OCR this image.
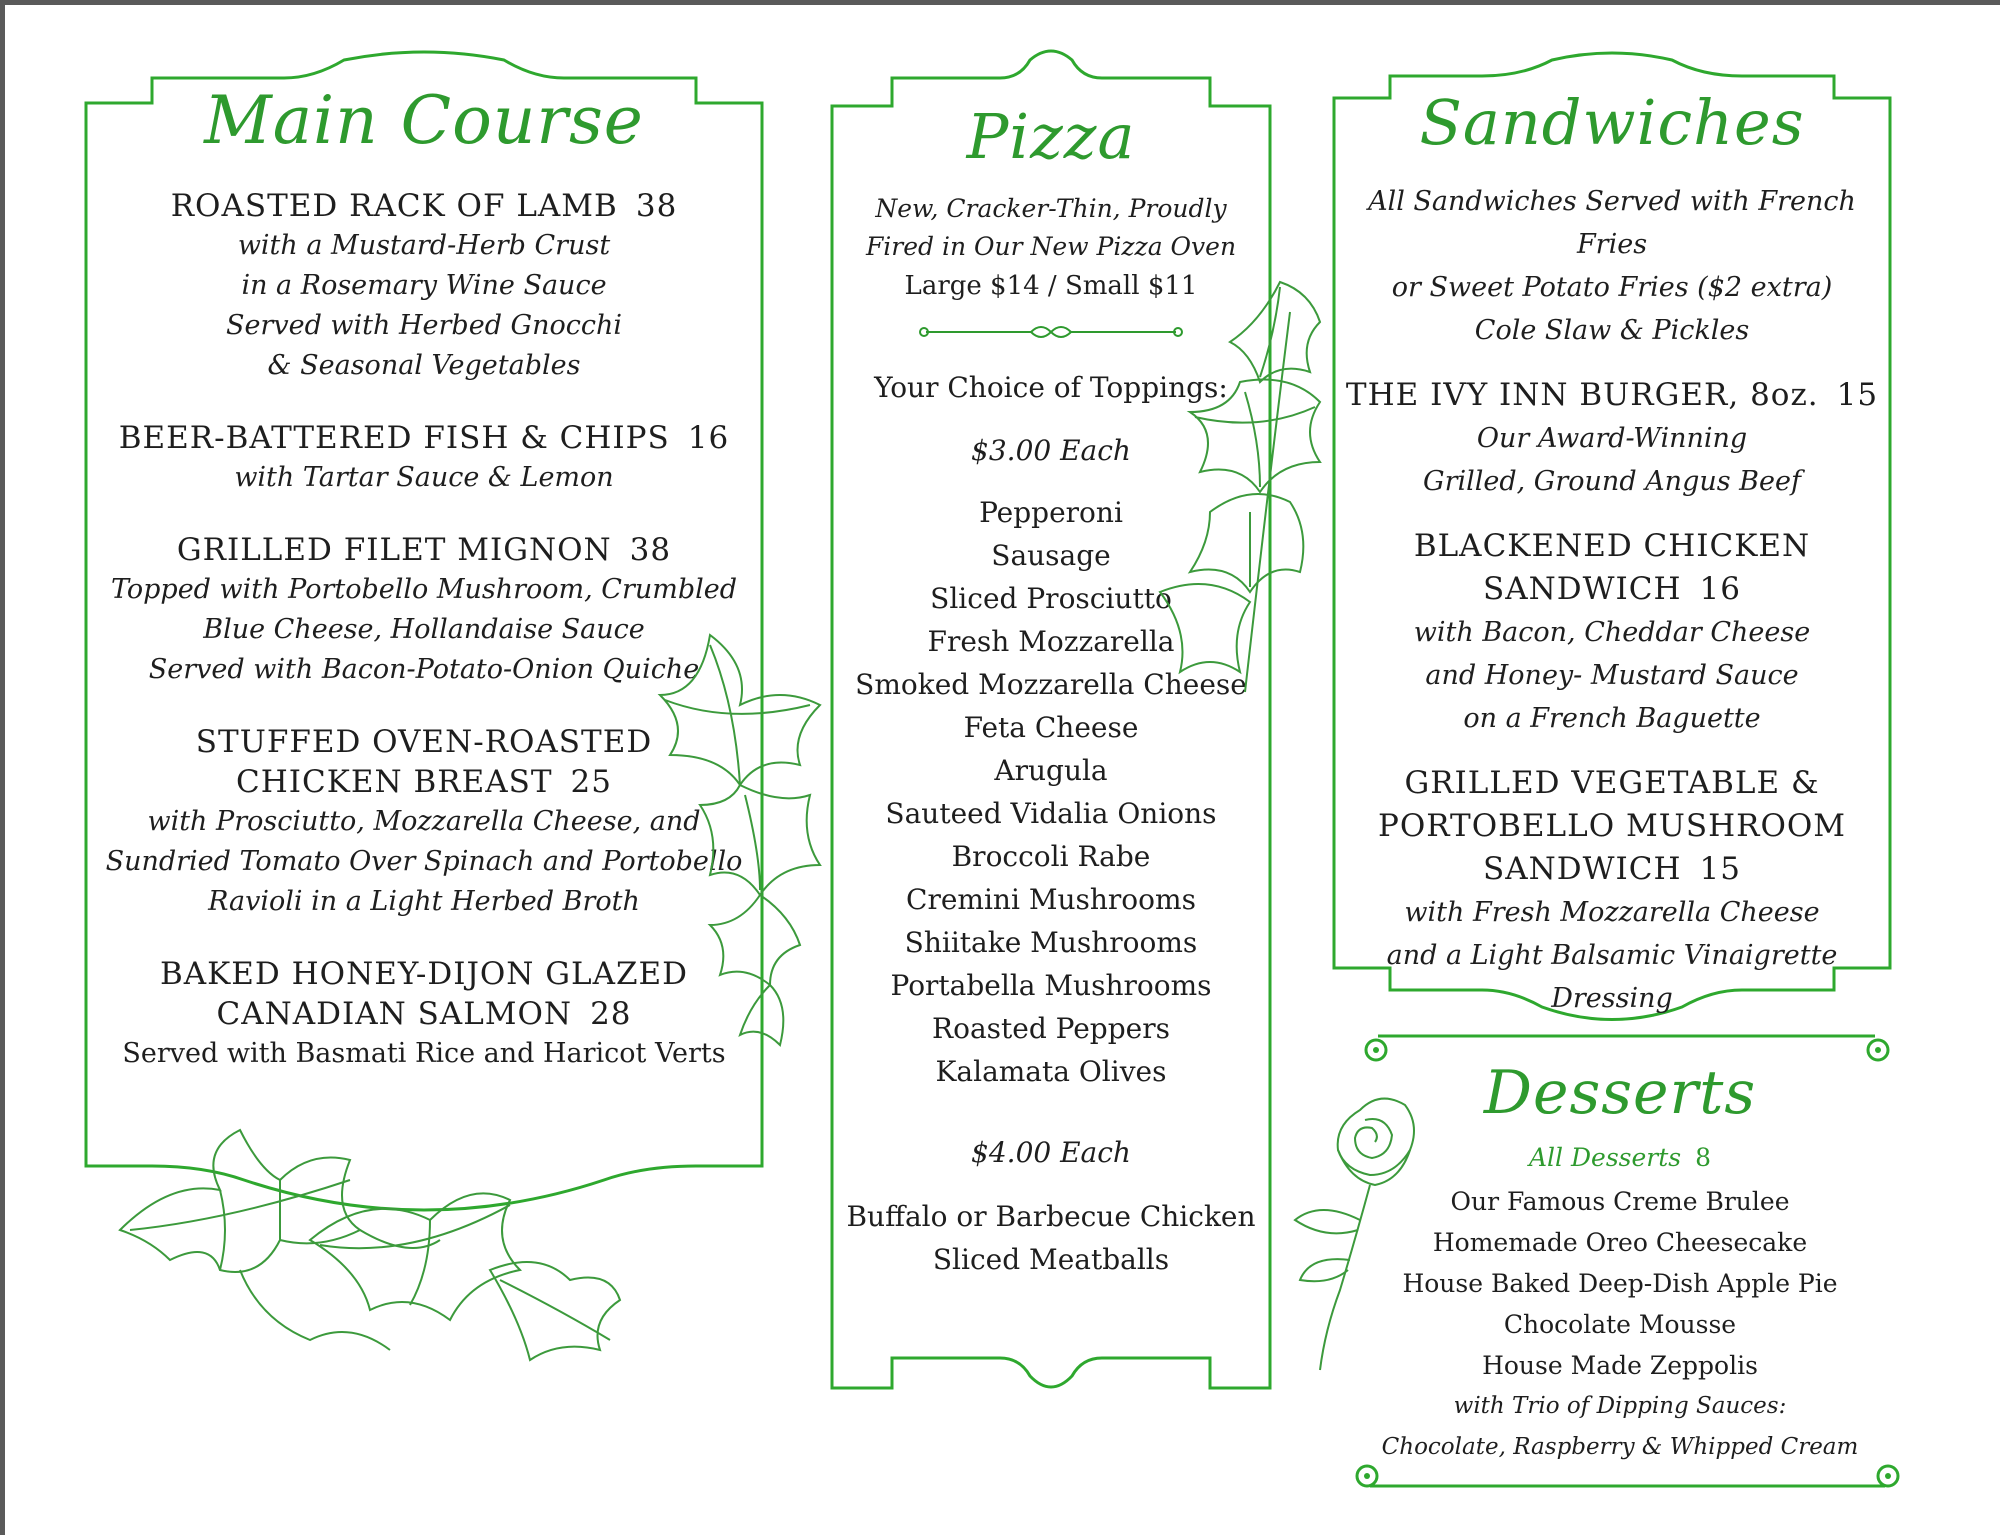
Main Course
ROASTED RACK OF LAMB 38
with a Mustard-Herb Crust
in a Rosemary Wine Sauce
Served with Herbed Gnocchi
& Seasonal Vegetables
BEER-BATTERED FISH & CHIPS 16
with Tartar Sauce & Lemon
GRILLED FILET MIGNON 38
Topped with Portobello Mushroom, Crumbled
Blue Cheese, Hollandaise Sauce
Served with Bacon-Potato-Onion Quiche
STUFFED OVEN-ROASTED
CHICKEN BREAST 25
with Prosciutto, Mozzarella Cheese, and
Sundried Tomato Over Spinach and Portobello
Ravioli in a Light Herbed Broth
BAKED HONEY-DIJON GLAZED
CANADIAN SALMON 28
Served with Basmati Rice and Haricot Verts
Pizza
New, Cracker-Thin, Proudly
Fired in Our New Pizza Oven
Large $14 / Small $11
Your Choice of Toppings:
$3.00 Each
Pepperoni
Sausage
Sliced Prosciutto
Fresh Mozzarella
Smoked Mozzarella Cheese
Feta Cheese
Arugula
Sauteed Vidalia Onions
Broccoli Rabe
Cremini Mushrooms
Shiitake Mushrooms
Portabella Mushrooms
Roasted Peppers
Kalamata Olives
$4.00 Each
Buffalo or Barbecue Chicken
Sliced Meatballs
Sandwiches
All Sandwiches Served with French Fries
or Sweet Potato Fries ($2 extra)
Cole Slaw & Pickles
THE IVY INN BURGER, 8oz. 15
Our Award-Winning
Grilled, Ground Angus Beef
BLACKENED CHICKEN
SANDWICH 16
with Bacon, Cheddar Cheese
and Honey- Mustard Sauce
on a French Baguette
GRILLED VEGETABLE &
PORTOBELLO MUSHROOM
SANDWICH 15
with Fresh Mozzarella Cheese
and a Light Balsamic Vinaigrette Dressing
Desserts
All Desserts 8
Our Famous Creme Brulee
Homemade Oreo Cheesecake
House Baked Deep-Dish Apple Pie
Chocolate Mousse
House Made Zeppolis
with Trio of Dipping Sauces:
Chocolate, Raspberry & Whipped Cream
